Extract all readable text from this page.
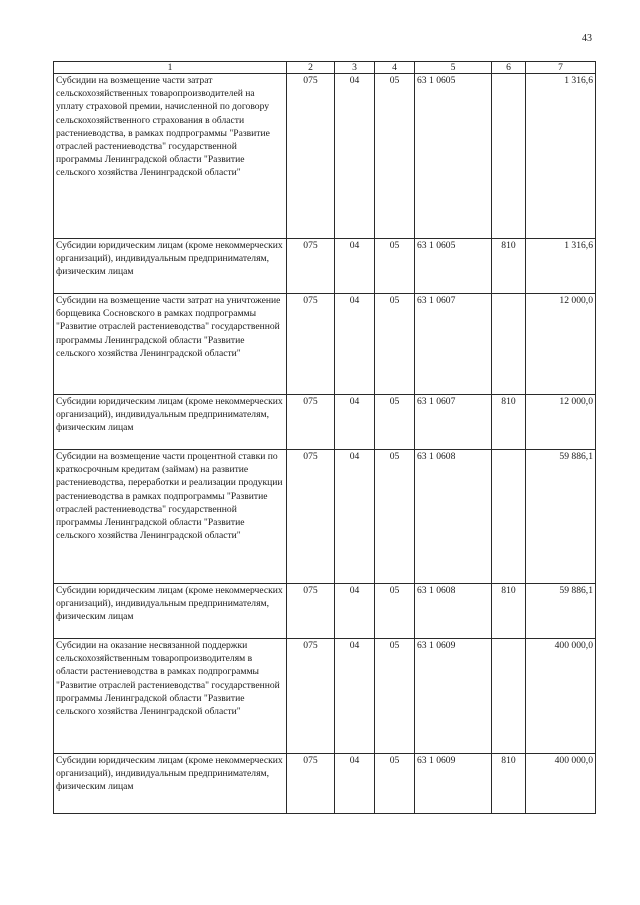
43
1	2	3	4	5	6	7
Субсидии на возмещение части затрат сельскохозяйственных товаропроизводителей на уплату страховой премии, начисленной по договору сельскохозяйственного страхования в области растениеводства, в рамках подпрограммы "Развитие отраслей растениеводства" государственной программы Ленинградской области "Развитие сельского хозяйства Ленинградской области"	075	04	05	63 1 0605		1 316,6
Субсидии юридическим лицам (кроме некоммерческих организаций), индивидуальным предпринимателям, физическим лицам	075	04	05	63 1 0605	810	1 316,6
Субсидии на возмещение части затрат на уничтожение борщевика Сосновского в рамках подпрограммы "Развитие отраслей растениеводства" государственной программы Ленинградской области "Развитие сельского хозяйства Ленинградской области"	075	04	05	63 1 0607		12 000,0
Субсидии юридическим лицам (кроме некоммерческих организаций), индивидуальным предпринимателям, физическим лицам	075	04	05	63 1 0607	810	12 000,0
Субсидии на возмещение части процентной ставки по краткосрочным кредитам (займам) на развитие растениеводства, переработки и реализации продукции растениеводства в рамках подпрограммы "Развитие отраслей растениеводства" государственной программы Ленинградской области "Развитие сельского хозяйства Ленинградской области"	075	04	05	63 1 0608		59 886,1
Субсидии юридическим лицам (кроме некоммерческих организаций), индивидуальным предпринимателям, физическим лицам	075	04	05	63 1 0608	810	59 886,1
Субсидии на оказание несвязанной поддержки сельскохозяйственным товаропроизводителям в области растениеводства в рамках подпрограммы "Развитие отраслей растениеводства" государственной программы Ленинградской области "Развитие сельского хозяйства Ленинградской области"	075	04	05	63 1 0609		400 000,0
Субсидии юридическим лицам (кроме некоммерческих организаций), индивидуальным предпринимателям, физическим лицам	075	04	05	63 1 0609	810	400 000,0
